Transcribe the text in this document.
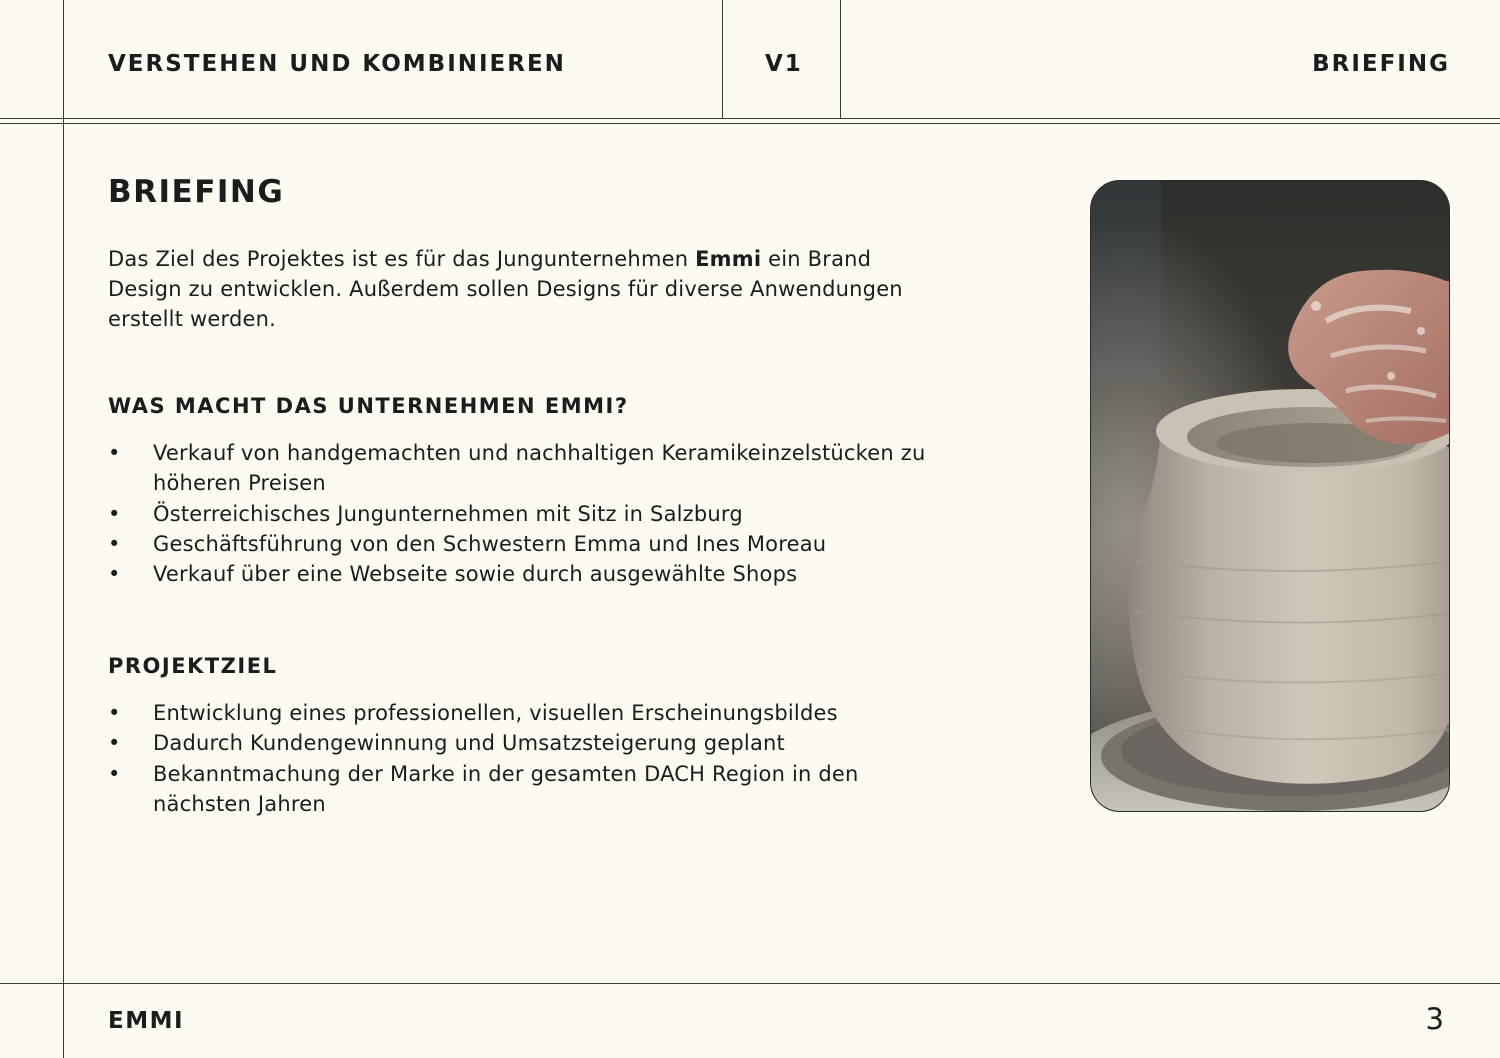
VERSTEHEN UND KOMBINIEREN	V1	BRIEFING
BRIEFING

Das Ziel des Projektes ist es für das Jungunternehmen Emmi ein Brand Design zu entwicklen. Außerdem sollen Designs für diverse Anwendungen erstellt werden.

WAS MACHT DAS UNTERNEHMEN EMMI?
• Verkauf von handgemachten und nachhaltigen Keramikeinzelstücken zu höheren Preisen
• Österreichisches Jungunternehmen mit Sitz in Salzburg
• Geschäftsführung von den Schwestern Emma und Ines Moreau
• Verkauf über eine Webseite sowie durch ausgewählte Shops
PROJEKTZIEL
• Entwicklung eines professionellen, visuellen Erscheinungsbildes
• Dadurch Kundengewinnung und Umsatzsteigerung geplant
• Bekanntmachung der Marke in der gesamten DACH Region in den nächsten Jahren
EMMI	3
